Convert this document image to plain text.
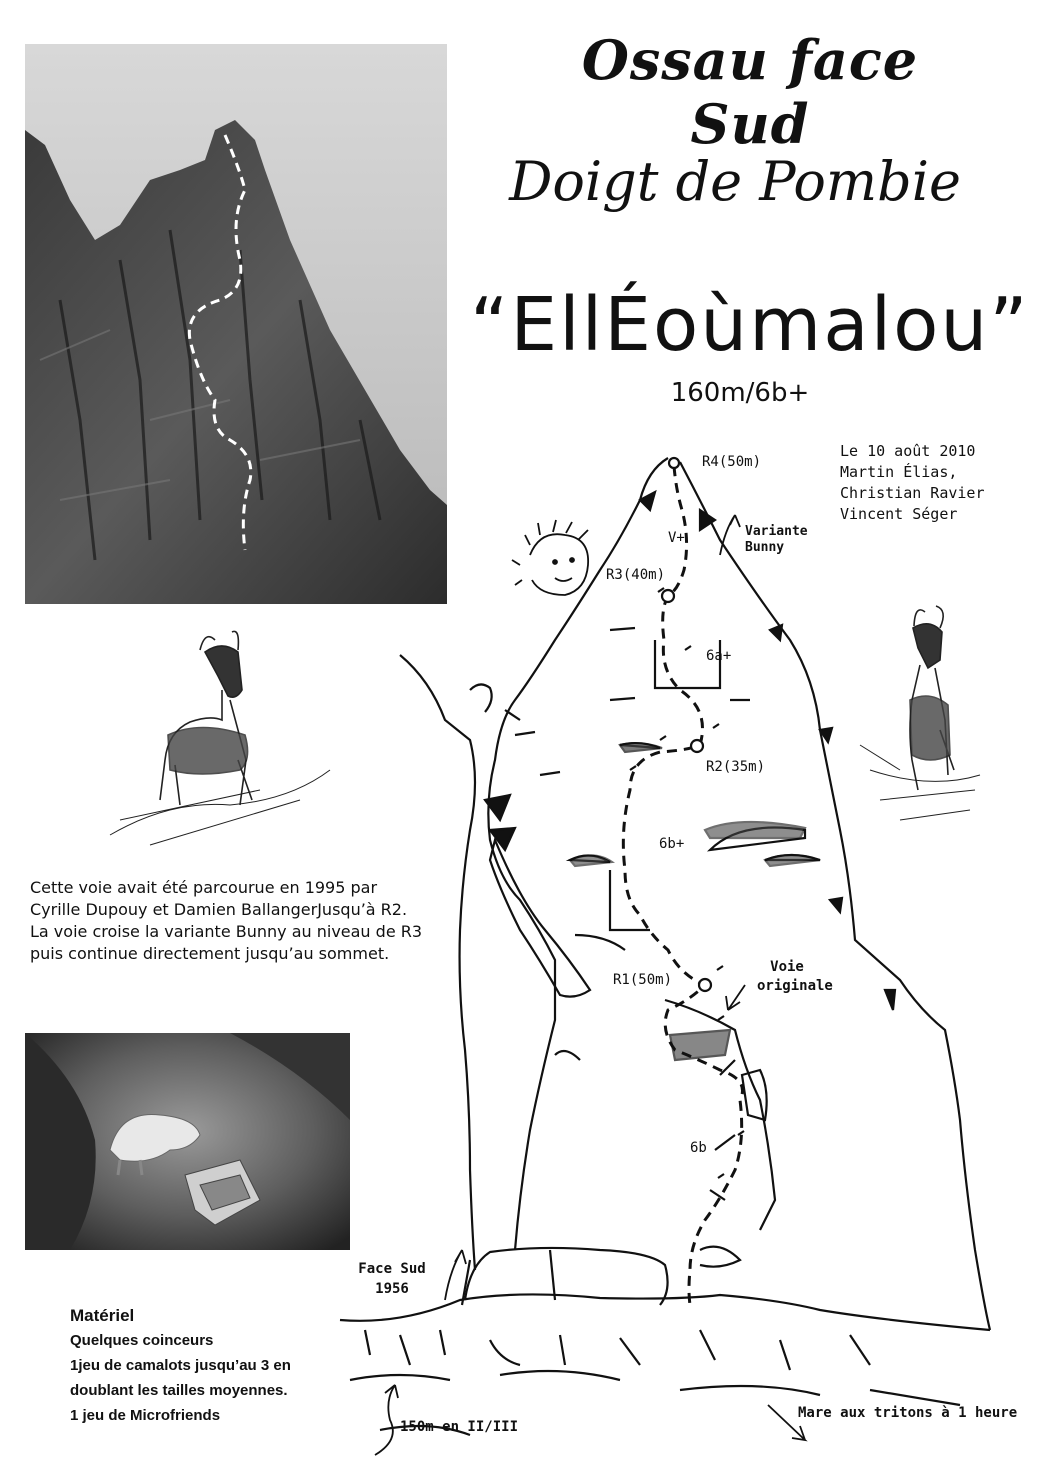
Ossau face Sud
Doigt de Pombie
“EllÉoùmalou”
160m/6b+
Le 10 août 2010
Martin Élias,
Christian Ravier
Vincent Séger
Cette voie avait été parcourue en 1995 par
Cyrille Dupouy et Damien BallangerJusqu’à R2.
La voie croise la variante Bunny au niveau de R3
puis continue directement jusqu’au sommet.
R4(50m)
R3(40m)
R2(35m)
R1(50m)
V+
6a+
6b+
6b
Variante
Bunny
Voie
originale
Face Sud
1956
150m en II/III
Mare aux tritons à 1 heure
Matériel
Quelques coinceurs
1jeu de camalots jusqu’au 3 en
doublant les tailles moyennes.
1 jeu de Microfriends
